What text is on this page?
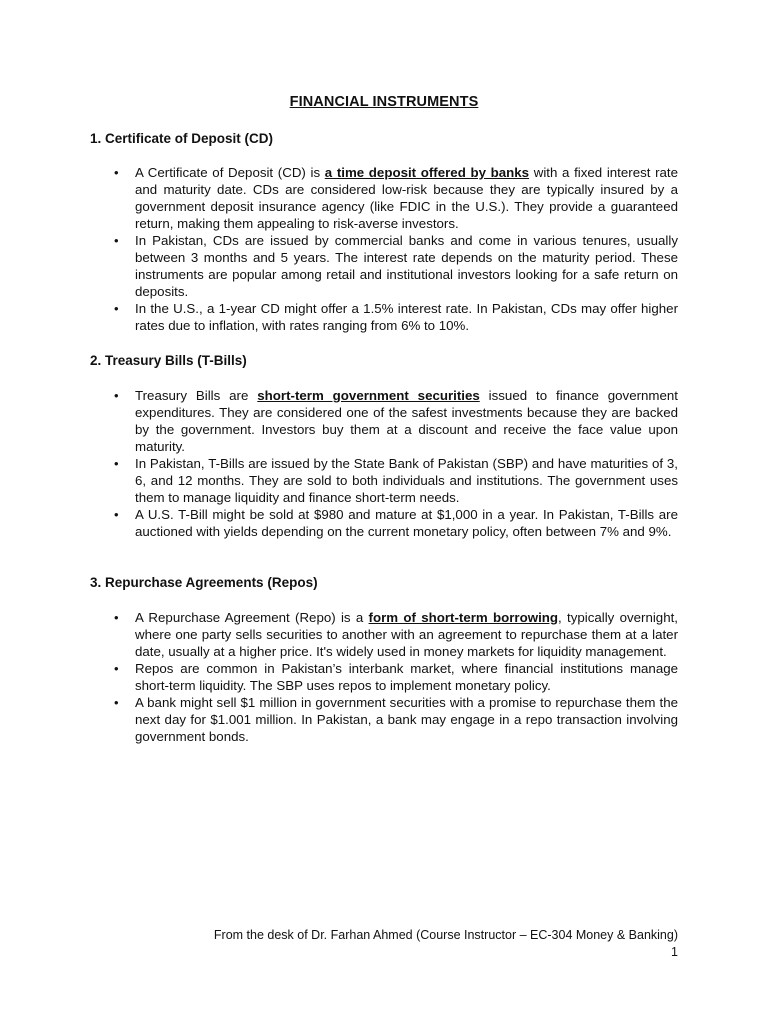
FINANCIAL INSTRUMENTS
1. Certificate of Deposit (CD)
• A Certificate of Deposit (CD) is a time deposit offered by banks with a fixed interest rate and maturity date. CDs are considered low-risk because they are typically insured by a government deposit insurance agency (like FDIC in the U.S.). They provide a guaranteed return, making them appealing to risk-averse investors.
• In Pakistan, CDs are issued by commercial banks and come in various tenures, usually between 3 months and 5 years. The interest rate depends on the maturity period. These instruments are popular among retail and institutional investors looking for a safe return on deposits.
• In the U.S., a 1-year CD might offer a 1.5% interest rate. In Pakistan, CDs may offer higher rates due to inflation, with rates ranging from 6% to 10%.
2. Treasury Bills (T-Bills)
• Treasury Bills are short-term government securities issued to finance government expenditures. They are considered one of the safest investments because they are backed by the government. Investors buy them at a discount and receive the face value upon maturity.
• In Pakistan, T-Bills are issued by the State Bank of Pakistan (SBP) and have maturities of 3, 6, and 12 months. They are sold to both individuals and institutions. The government uses them to manage liquidity and finance short-term needs.
• A U.S. T-Bill might be sold at $980 and mature at $1,000 in a year. In Pakistan, T-Bills are auctioned with yields depending on the current monetary policy, often between 7% and 9%.
3. Repurchase Agreements (Repos)
• A Repurchase Agreement (Repo) is a form of short-term borrowing, typically overnight, where one party sells securities to another with an agreement to repurchase them at a later date, usually at a higher price. It's widely used in money markets for liquidity management.
• Repos are common in Pakistan’s interbank market, where financial institutions manage short-term liquidity. The SBP uses repos to implement monetary policy.
• A bank might sell $1 million in government securities with a promise to repurchase them the next day for $1.001 million. In Pakistan, a bank may engage in a repo transaction involving government bonds.
From the desk of Dr. Farhan Ahmed (Course Instructor – EC-304 Money & Banking)
1
